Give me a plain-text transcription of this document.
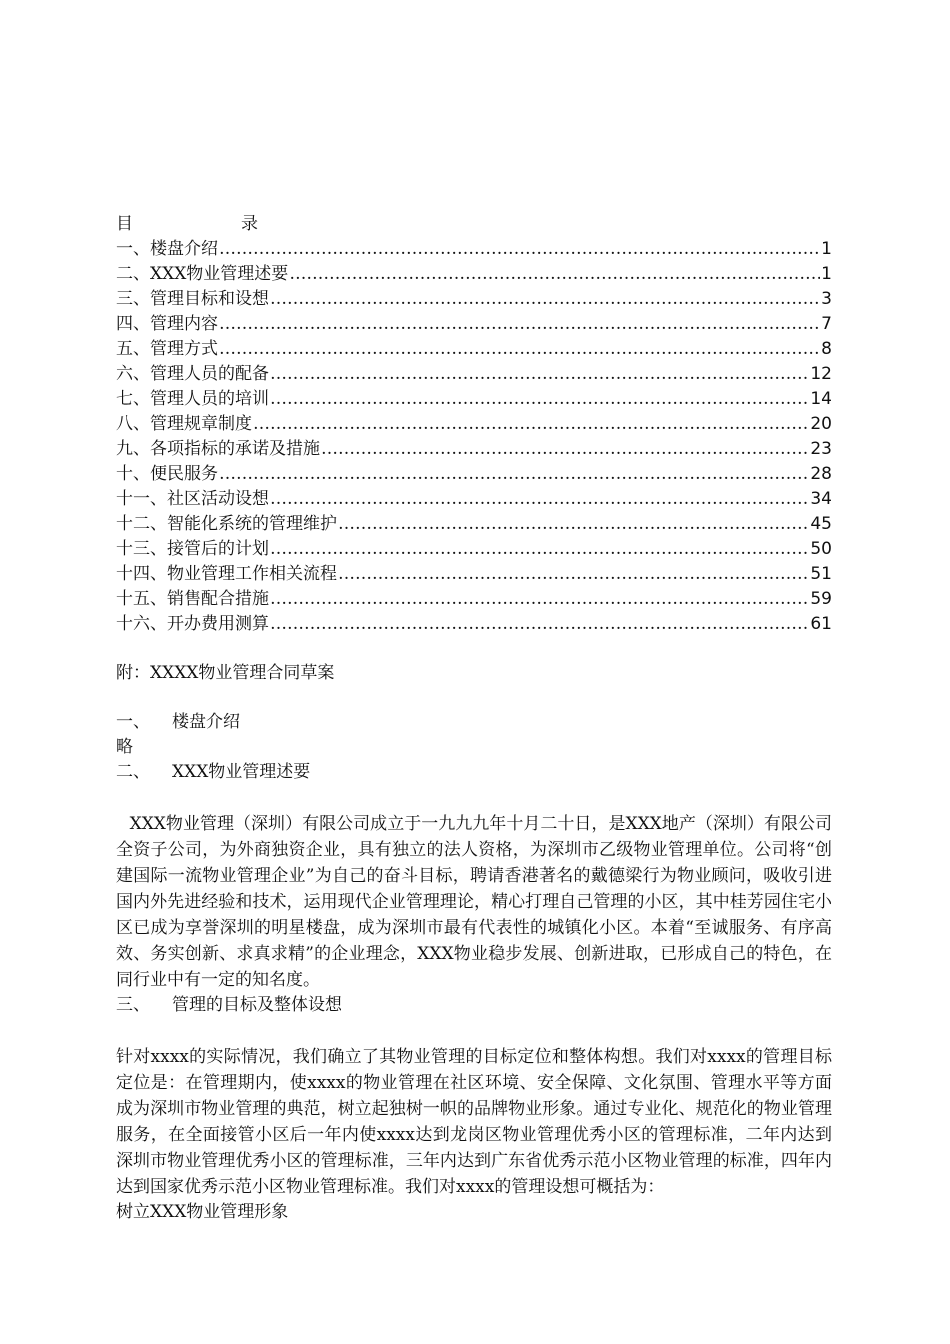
目	录
一、楼盘介绍 ……………………………………………………………………………………………………………………………………	1
二、XXX物业管理述要 ……………………………………………………………………………………………………………………………………	1
三、管理目标和设想 ……………………………………………………………………………………………………………………………………	3
四、管理内容 ……………………………………………………………………………………………………………………………………	7
五、管理方式 ……………………………………………………………………………………………………………………………………	8
六、管理人员的配备 ……………………………………………………………………………………………………………………………………	12
七、管理人员的培训 ……………………………………………………………………………………………………………………………………	14
八、管理规章制度 ……………………………………………………………………………………………………………………………………	20
九、各项指标的承诺及措施 ……………………………………………………………………………………………………………………………………	23
十、便民服务 ……………………………………………………………………………………………………………………………………	28
十一、社区活动设想 ……………………………………………………………………………………………………………………………………	34
十二、智能化系统的管理维护 ……………………………………………………………………………………………………………………………………	45
十三、接管后的计划 ……………………………………………………………………………………………………………………………………	50
十四、物业管理工作相关流程 ……………………………………………………………………………………………………………………………………	51
十五、销售配合措施 ……………………………………………………………………………………………………………………………………	59
十六、开办费用测算 ……………………………………………………………………………………………………………………………………	61
附：XXXX物业管理合同草案
一、	楼盘介绍
略
二、	XXX物业管理述要

XXX物业管理（深圳）有限公司成立于一九九九年十月二十日，是XXX地产（深圳）有限公司全资子公司，为外商独资企业，具有独立的法人资格，为深圳市乙级物业管理单位。公司将“创建国际一流物业管理企业”为自己的奋斗目标，聘请香港著名的戴德梁行为物业顾问，吸收引进国内外先进经验和技术，运用现代企业管理理论，精心打理自己管理的小区，其中桂芳园住宅小区已成为享誉深圳的明星楼盘，成为深圳市最有代表性的城镇化小区。本着“至诚服务、有序高效、务实创新、求真求精”的企业理念，XXX物业稳步发展、创新进取，已形成自己的特色，在同行业中有一定的知名度。

三、	管理的目标及整体设想

针对xxxx的实际情况，我们确立了其物业管理的目标定位和整体构想。我们对xxxx的管理目标定位是：在管理期内，使xxxx的物业管理在社区环境、安全保障、文化氛围、管理水平等方面成为深圳市物业管理的典范，树立起独树一帜的品牌物业形象。通过专业化、规范化的物业管理服务，在全面接管小区后一年内使xxxx达到龙岗区物业管理优秀小区的管理标准，二年内达到深圳市物业管理优秀小区的管理标准，三年内达到广东省优秀示范小区物业管理的标准，四年内达到国家优秀示范小区物业管理标准。我们对xxxx的管理设想可概括为：

树立XXX物业管理形象
